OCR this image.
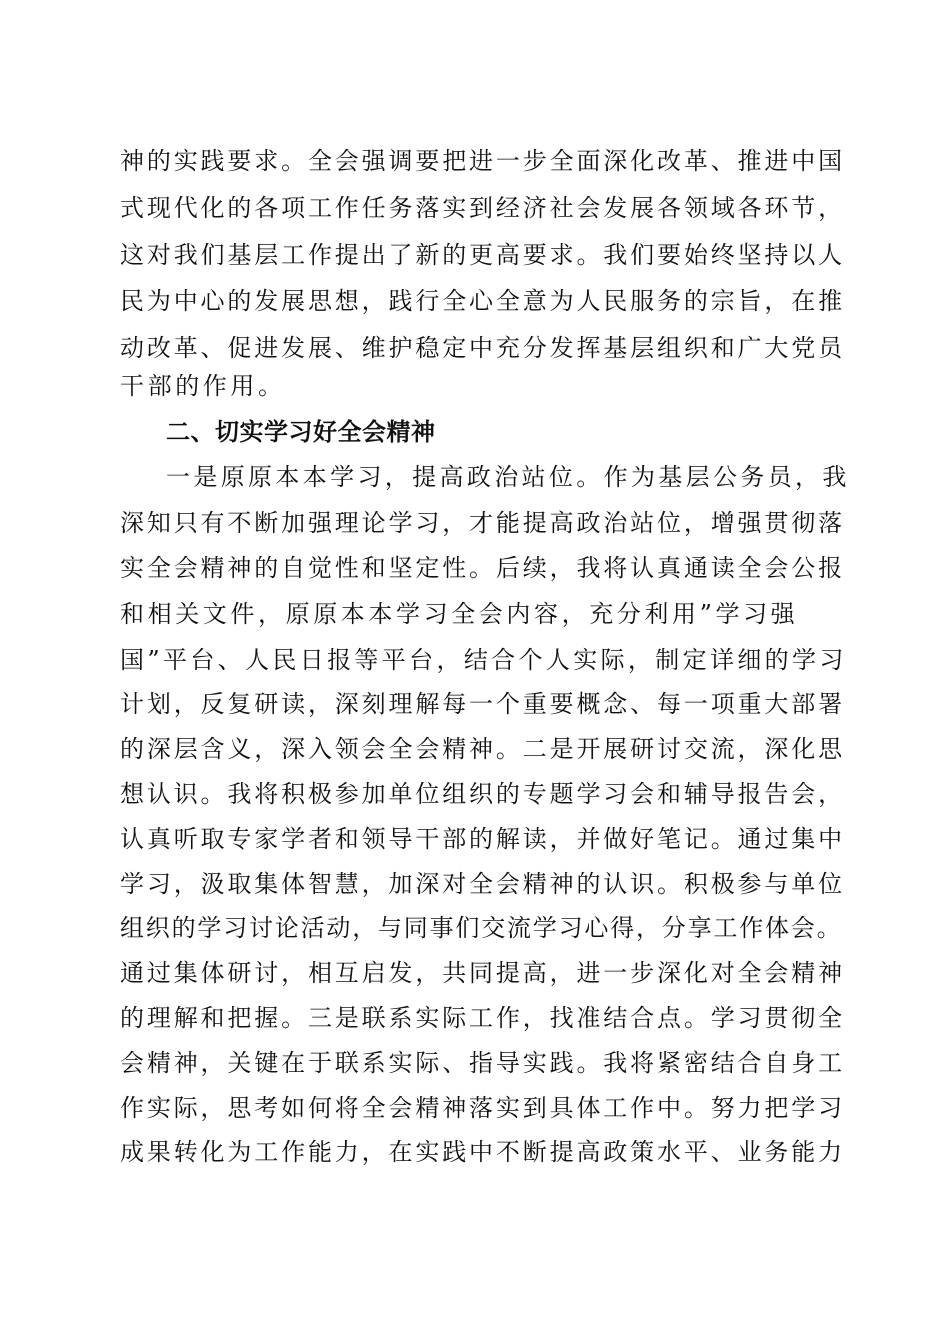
神的实践要求。全会强调要把进一步全面深化改革、推进中国
式现代化的各项工作任务落实到经济社会发展各领域各环节，
这对我们基层工作提出了新的更高要求。我们要始终坚持以人
民为中心的发展思想，践行全心全意为人民服务的宗旨，在推
动改革、促进发展、维护稳定中充分发挥基层组织和广大党员
干部的作用。
二、切实学习好全会精神
一是原原本本学习，提高政治站位。作为基层公务员，我
深知只有不断加强理论学习，才能提高政治站位，增强贯彻落
实全会精神的自觉性和坚定性。后续，我将认真通读全会公报
和相关文件，原原本本学习全会内容，充分利用”学习强
国”平台、人民日报等平台，结合个人实际，制定详细的学习
计划，反复研读，深刻理解每一个重要概念、每一项重大部署
的深层含义，深入领会全会精神。二是开展研讨交流，深化思
想认识。我将积极参加单位组织的专题学习会和辅导报告会，
认真听取专家学者和领导干部的解读，并做好笔记。通过集中
学习，汲取集体智慧，加深对全会精神的认识。积极参与单位
组织的学习讨论活动，与同事们交流学习心得，分享工作体会。
通过集体研讨，相互启发，共同提高，进一步深化对全会精神
的理解和把握。三是联系实际工作，找准结合点。学习贯彻全
会精神，关键在于联系实际、指导实践。我将紧密结合自身工
作实际，思考如何将全会精神落实到具体工作中。努力把学习
成果转化为工作能力，在实践中不断提高政策水平、业务能力
